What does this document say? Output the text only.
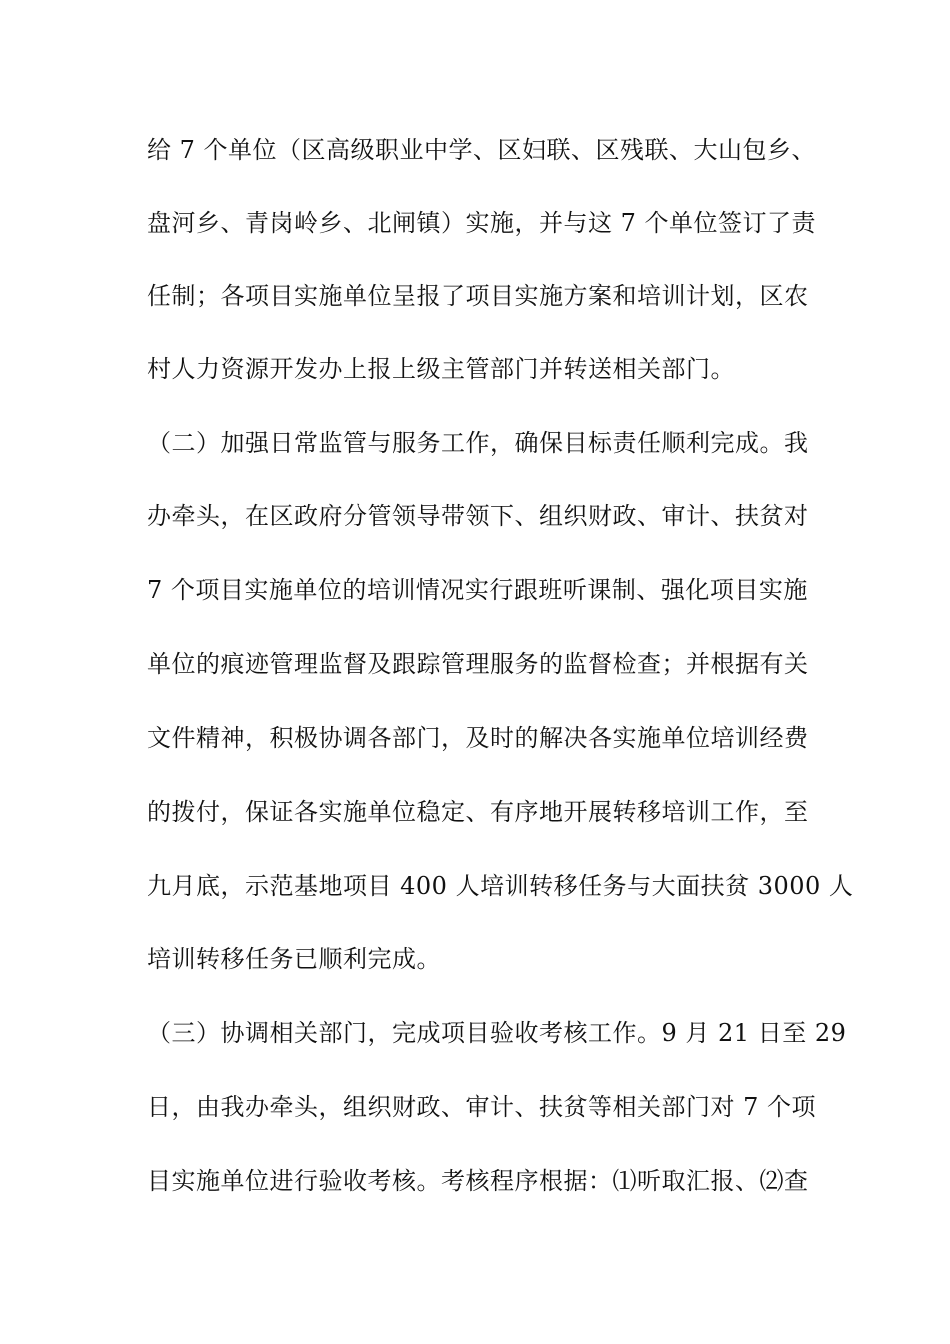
给 7 个单位（区高级职业中学、区妇联、区残联、大山包乡、
盘河乡、青岗岭乡、北闸镇）实施，并与这 7 个单位签订了责
任制；各项目实施单位呈报了项目实施方案和培训计划，区农
村人力资源开发办上报上级主管部门并转送相关部门。
（二）加强日常监管与服务工作，确保目标责任顺利完成。我
办牵头，在区政府分管领导带领下、组织财政、审计、扶贫对
7 个项目实施单位的培训情况实行跟班听课制、强化项目实施
单位的痕迹管理监督及跟踪管理服务的监督检查；并根据有关
文件精神，积极协调各部门，及时的解决各实施单位培训经费
的拨付，保证各实施单位稳定、有序地开展转移培训工作，至
九月底，示范基地项目 400 人培训转移任务与大面扶贫 3000 人
培训转移任务已顺利完成。
（三）协调相关部门，完成项目验收考核工作。9 月 21 日至 29
日，由我办牵头，组织财政、审计、扶贫等相关部门对 7 个项
目实施单位进行验收考核。考核程序根据：⑴听取汇报、⑵查
